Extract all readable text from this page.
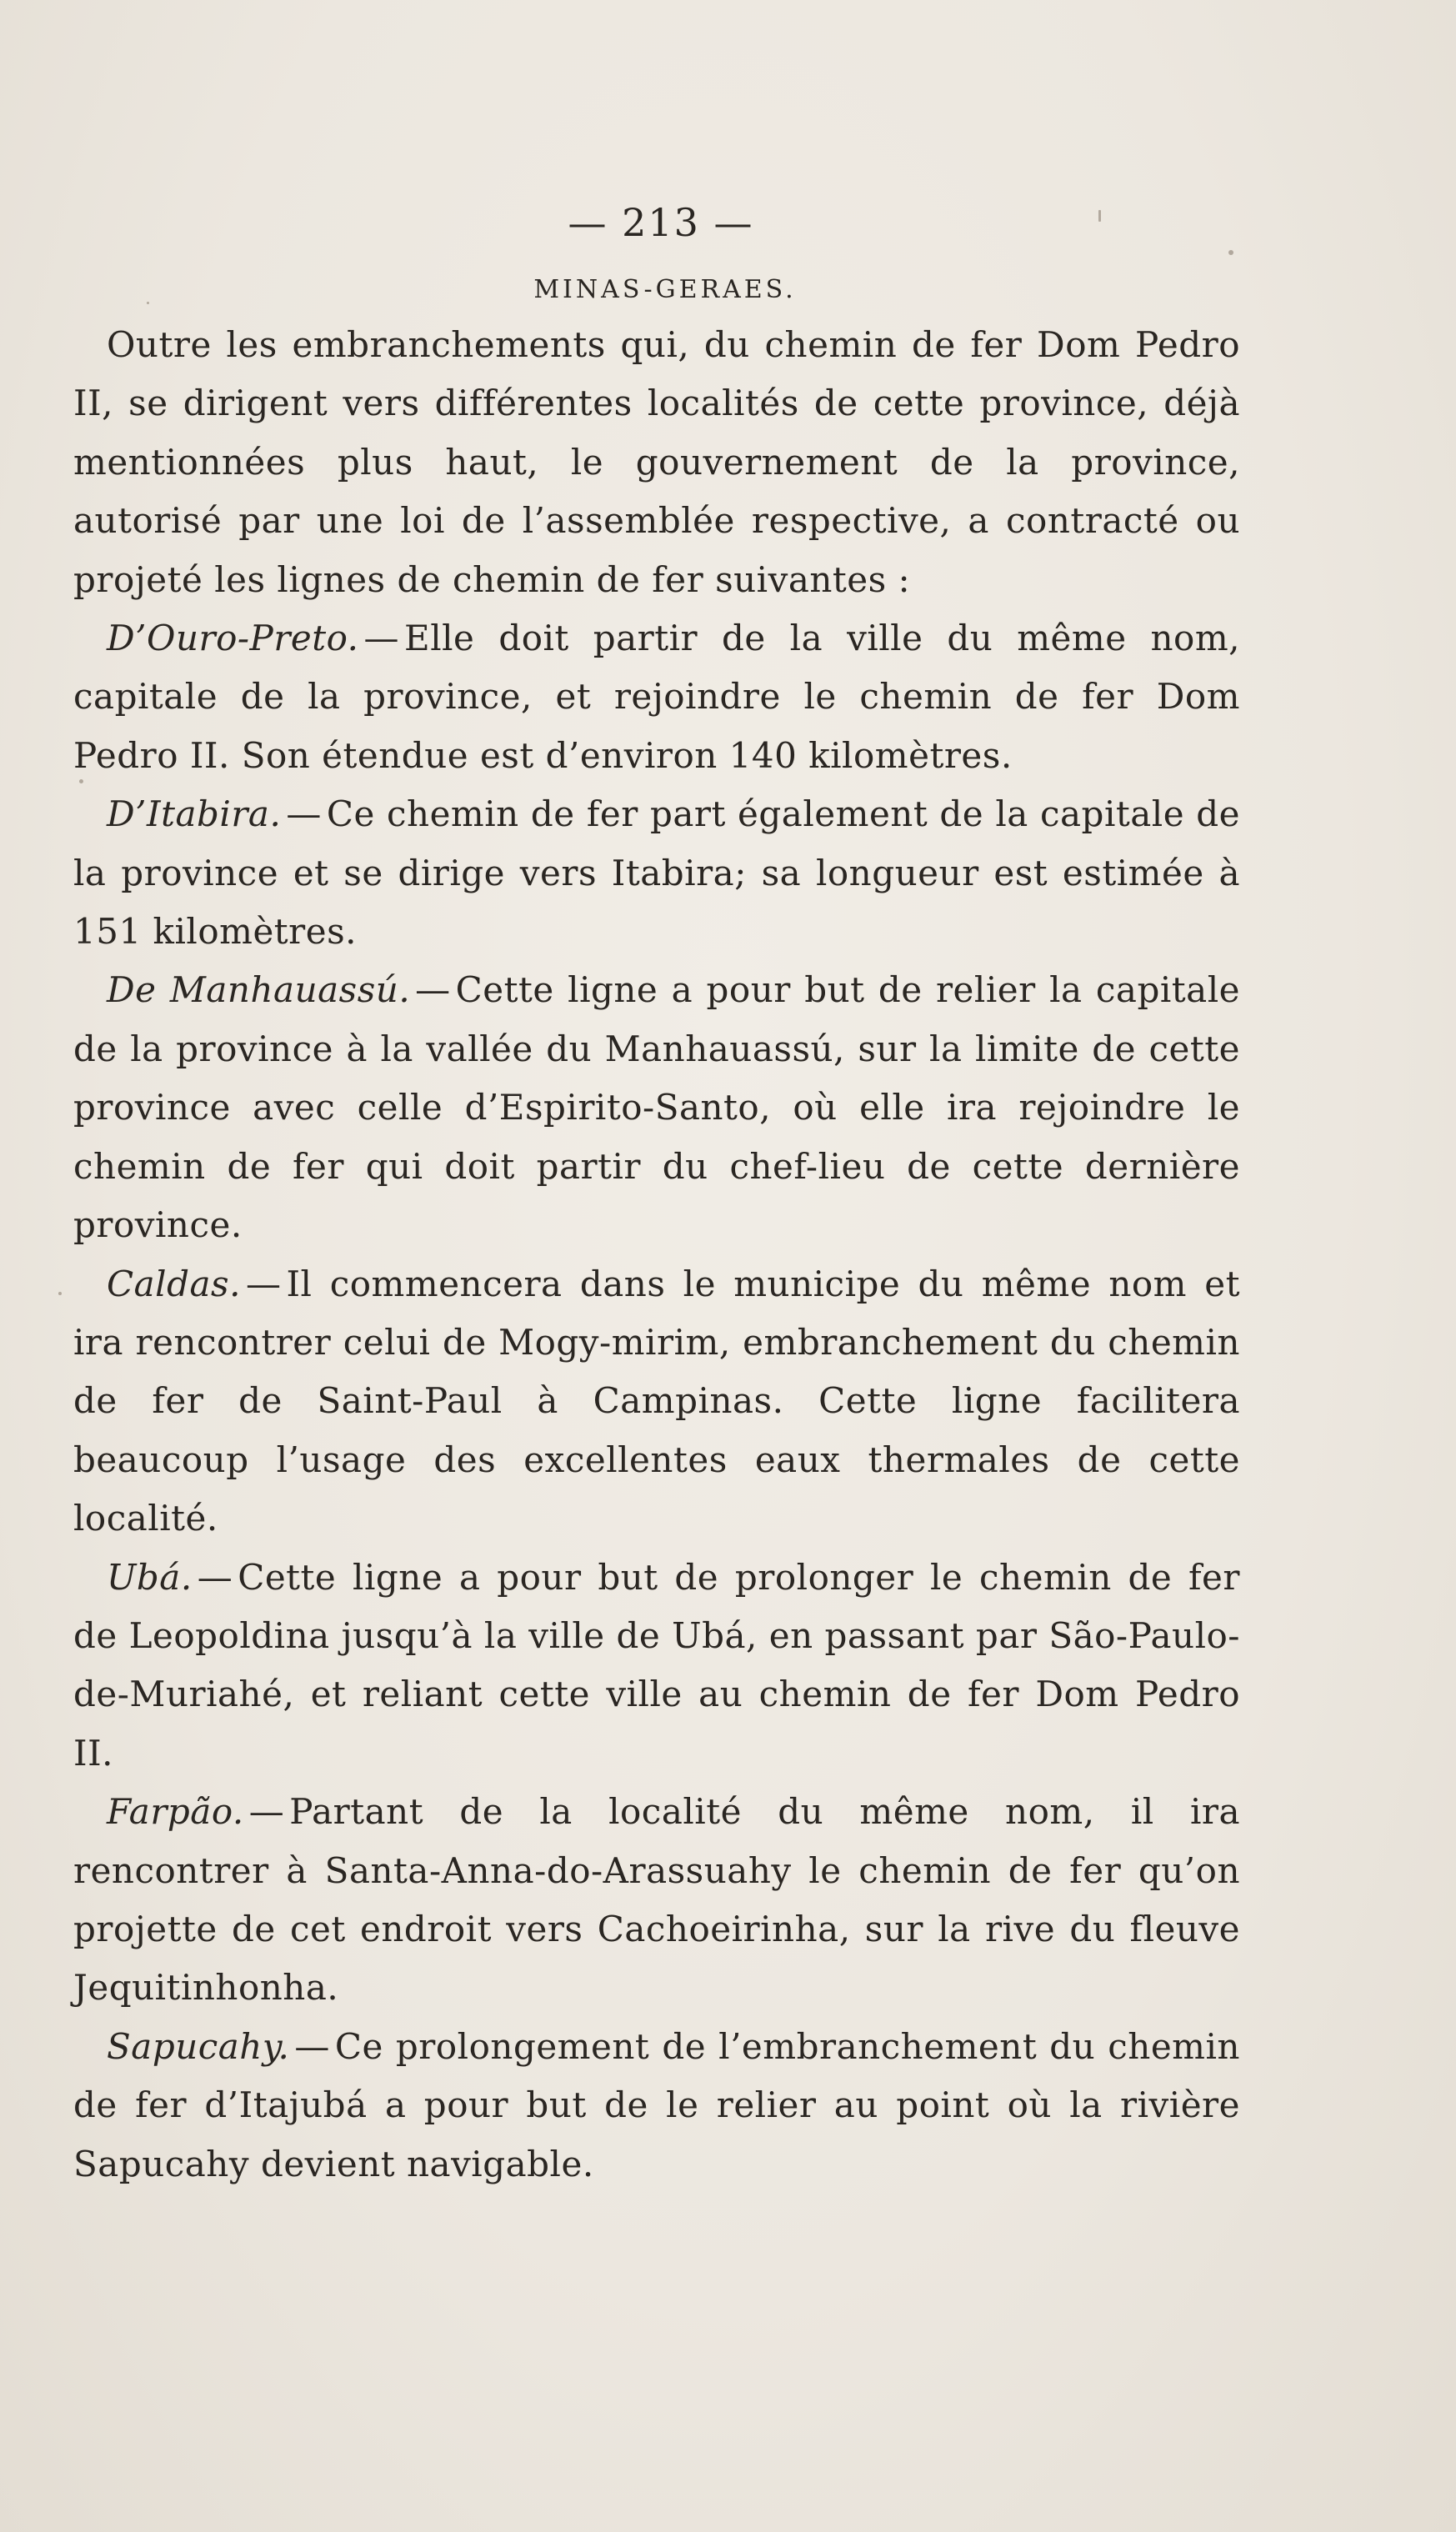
— 213 —
MINAS-GERAES.

Outre les embranchements qui, du chemin de fer Dom Pedro II, se dirigent vers différentes localités de cette province, déjà mentionnées plus haut, le gouvernement de la province, autorisé par une loi de l’assemblée respective, a contracté ou projeté les lignes de chemin de fer suivantes :

D’Ouro-Preto. — Elle doit partir de la ville du même nom, capitale de la province, et rejoindre le chemin de fer Dom Pedro II. Son étendue est d’environ 140 kilomètres.

D’Itabira. — Ce chemin de fer part également de la capitale de la province et se dirige vers Itabira; sa longueur est estimée à 151 kilomètres.

De Manhauassú. — Cette ligne a pour but de relier la capitale de la province à la vallée du Manhauassú, sur la limite de cette province avec celle d’Espirito-Santo, où elle ira rejoindre le chemin de fer qui doit partir du chef-lieu de cette dernière province.

Caldas. — Il commencera dans le municipe du même nom et ira rencontrer celui de Mogy-mirim, embranchement du chemin de fer de Saint-Paul à Campinas. Cette ligne facilitera beaucoup l’usage des excellentes eaux thermales de cette localité.

Ubá. — Cette ligne a pour but de prolonger le chemin de fer de Leopoldina jusqu’à la ville de Ubá, en passant par São-Paulo-de-Muriahé, et reliant cette ville au chemin de fer Dom Pedro II.

Farpão. — Partant de la localité du même nom, il ira rencontrer à Santa-Anna-do-Arassuahy le chemin de fer qu’on projette de cet endroit vers Cachoeirinha, sur la rive du fleuve Jequitinhonha.

Sapucahy. — Ce prolongement de l’embranchement du chemin de fer d’Itajubá a pour but de le relier au point où la rivière Sapucahy devient navigable.
